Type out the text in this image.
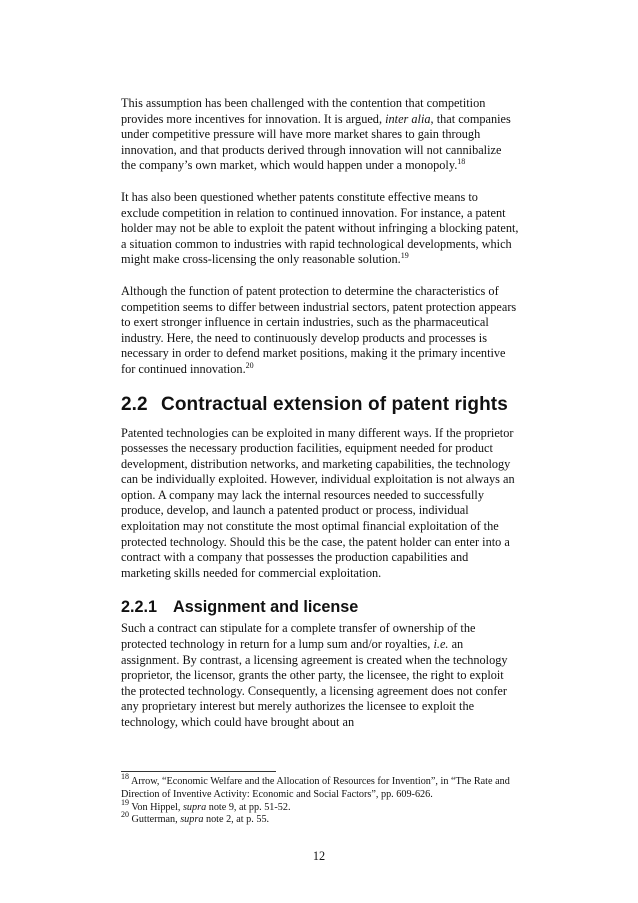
This assumption has been challenged with the contention that competition provides more incentives for innovation. It is argued, inter alia, that companies under competitive pressure will have more market shares to gain through innovation, and that products derived through innovation will not cannibalize the company’s own market, which would happen under a monopoly.$^{18}$

It has also been questioned whether patents constitute effective means to exclude competition in relation to continued innovation. For instance, a patent holder may not be able to exploit the patent without infringing a blocking patent, a situation common to industries with rapid technological developments, which might make cross-licensing the only reasonable solution.$^{19}$

Although the function of patent protection to determine the characteristics of competition seems to differ between industrial sectors, patent protection appears to exert stronger influence in certain industries, such as the pharmaceutical industry. Here, the need to continuously develop products and processes is necessary in order to defend market positions, making it the primary incentive for continued innovation.$^{20}$

2.2 Contractual extension of patent rights

Patented technologies can be exploited in many different ways. If the proprietor possesses the necessary production facilities, equipment needed for product development, distribution networks, and marketing capabilities, the technology can be individually exploited. However, individual exploitation is not always an option. A company may lack the internal resources needed to successfully produce, develop, and launch a patented product or process, individual exploitation may not constitute the most optimal financial exploitation of the protected technology. Should this be the case, the patent holder can enter into a contract with a company that possesses the production capabilities and marketing skills needed for commercial exploitation.

2.2.1 Assignment and license

Such a contract can stipulate for a complete transfer of ownership of the protected technology in return for a lump sum and/or royalties, i.e. an assignment. By contrast, a licensing agreement is created when the technology proprietor, the licensor, grants the other party, the licensee, the right to exploit the protected technology. Consequently, a licensing agreement does not confer any proprietary interest but merely authorizes the licensee to exploit the technology, which could have brought about an

$^{18}$ Arrow, “Economic Welfare and the Allocation of Resources for Invention”, in “The Rate and Direction of Inventive Activity: Economic and Social Factors”, pp. 609-626.

$^{19}$ Von Hippel, supra note 9, at pp. 51-52.

$^{20}$ Gutterman, supra note 2, at p. 55.

12
